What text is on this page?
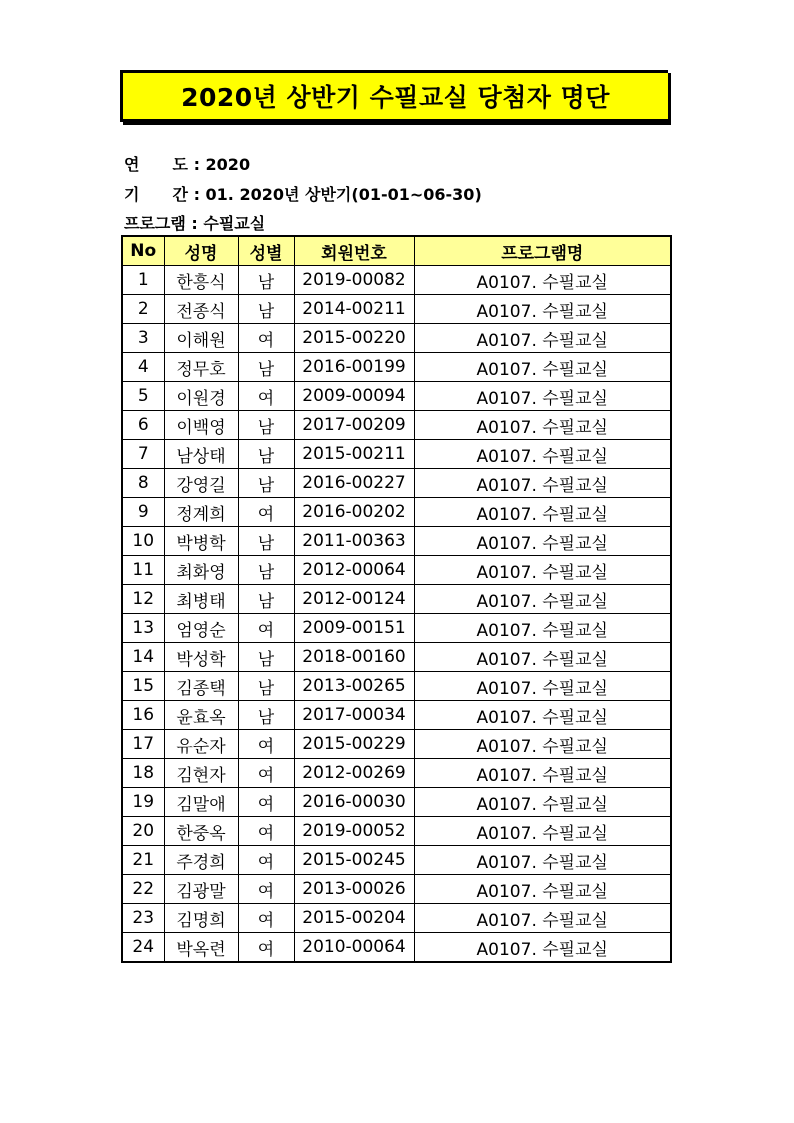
2020년 상반기 수필교실 당첨자 명단
연 도 : 2020
기 간 : 01. 2020년 상반기(01-01~06-30)
프로그램 : 수필교실
No	성명	성별	회원번호	프로그램명
1	한흥식	남	2019-00082	A0107. 수필교실
2	전종식	남	2014-00211	A0107. 수필교실
3	이해원	여	2015-00220	A0107. 수필교실
4	정무호	남	2016-00199	A0107. 수필교실
5	이원경	여	2009-00094	A0107. 수필교실
6	이백영	남	2017-00209	A0107. 수필교실
7	남상태	남	2015-00211	A0107. 수필교실
8	강영길	남	2016-00227	A0107. 수필교실
9	정계희	여	2016-00202	A0107. 수필교실
10	박병학	남	2011-00363	A0107. 수필교실
11	최화영	남	2012-00064	A0107. 수필교실
12	최병태	남	2012-00124	A0107. 수필교실
13	엄영순	여	2009-00151	A0107. 수필교실
14	박성학	남	2018-00160	A0107. 수필교실
15	김종택	남	2013-00265	A0107. 수필교실
16	윤효옥	남	2017-00034	A0107. 수필교실
17	유순자	여	2015-00229	A0107. 수필교실
18	김현자	여	2012-00269	A0107. 수필교실
19	김말애	여	2016-00030	A0107. 수필교실
20	한중옥	여	2019-00052	A0107. 수필교실
21	주경희	여	2015-00245	A0107. 수필교실
22	김광말	여	2013-00026	A0107. 수필교실
23	김명희	여	2015-00204	A0107. 수필교실
24	박옥련	여	2010-00064	A0107. 수필교실
